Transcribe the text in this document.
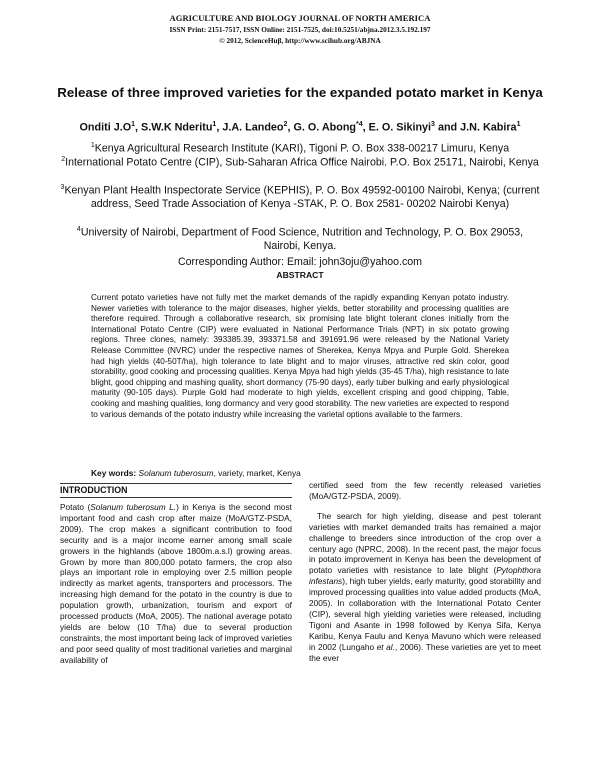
AGRICULTURE AND BIOLOGY JOURNAL OF NORTH AMERICA
ISSN Print: 2151-7517, ISSN Online: 2151-7525, doi:10.5251/abjna.2012.3.5.192.197
© 2012, ScienceHuβ, http://www.scihub.org/ABJNA
Release of three improved varieties for the expanded potato market in Kenya
Onditi $J.O^1$, S.W.K Nderitu$^1$, J.A. Landeo$^2$, G. O. Abong$^{*4}$, E. O. Sikinyi$^3$ and J.N. Kabira$^1$
$^1$Kenya Agricultural Research Institute (KARI), Tigoni P. O. Box 338-00217 Limuru, Kenya
$^2$International Potato Centre (CIP), Sub-Saharan Africa Office Nairobi. P.O. Box 25171, Nairobi, Kenya
$^3$Kenyan Plant Health Inspectorate Service (KEPHIS), P. O. Box 49592-00100 Nairobi, Kenya; (current address, Seed Trade Association of Kenya -STAK, P. O. Box 2581- 00202 Nairobi Kenya)
$^4$University of Nairobi, Department of Food Science, Nutrition and Technology, P. O. Box 29053, Nairobi, Kenya.
Corresponding Author: Email: john3oju@yahoo.com
ABSTRACT
Current potato varieties have not fully met the market demands of the rapidly expanding Kenyan potato industry. Newer varieties with tolerance to the major diseases, higher yields, better storability and processing qualities are therefore required. Through a collaborative research, six promising late blight tolerant clones initially from the International Potato Centre (CIP) were evaluated in National Performance Trials (NPT) in six potato growing regions. Three clones, namely: 393385.39, 393371.58 and 391691.96 were released by the National Variety Release Committee (NVRC) under the respective names of Sherekea, Kenya Mpya and Purple Gold. Sherekea had high yields (40-50T/ha), high tolerance to late blight and to major viruses, attractive red skin color, good storability, good cooking and processing qualities. Kenya Mpya had high yields (35-45 T/ha), high resistance to late blight, good chipping and mashing quality, short dormancy (75-90 days), early tuber bulking and early physiological maturity (90-105 days). Purple Gold had moderate to high yields, excellent crisping and good chipping, Table, cooking and mashing qualities, long dormancy and very good storability. The new varieties are expected to respond to various demands of the potato industry while increasing the varietal options available to the farmers.
Key words: Solanum tuberosum, variety, market, Kenya
INTRODUCTION

Potato (Solanum tuberosum L.) in Kenya is the second most important food and cash crop after maize (MoA/GTZ-PSDA, 2009). The crop makes a significant contribution to food security and is a major income earner among small scale growers in the highlands (above 1800m.a.s.l) growing areas. Grown by more than 800,000 potato farmers, the crop also plays an important role in employing over 2.5 million people indirectly as market agents, transporters and processors. The increasing high demand for the potato in the country is due to population growth, urbanization, tourism and export of processed products (MoA, 2005). The national average potato yields are below (10 T/ha) due to several production constraints, the most important being lack of improved varieties and poor seed quality of most traditional varieties and marginal availability of

certified seed from the few recently released varieties (MoA/GTZ-PSDA, 2009).

The search for high yielding, disease and pest tolerant varieties with market demanded traits has remained a major challenge to breeders since introduction of the crop over a century ago (NPRC, 2008). In the recent past, the major focus in potato improvement in Kenya has been the development of potato varieties with resistance to late blight (Pytophthora infestans), high tuber yields, early maturity, good storability and improved processing qualities into value added products (MoA, 2005). In collaboration with the International Potato Center (CIP), several high yielding varieties were released, including Tigoni and Asante in 1998 followed by Kenya Sifa, Kenya Karibu, Kenya Faulu and Kenya Mavuno which were released in 2002 (Lungaho et al., 2006). These varieties are yet to meet the ever
